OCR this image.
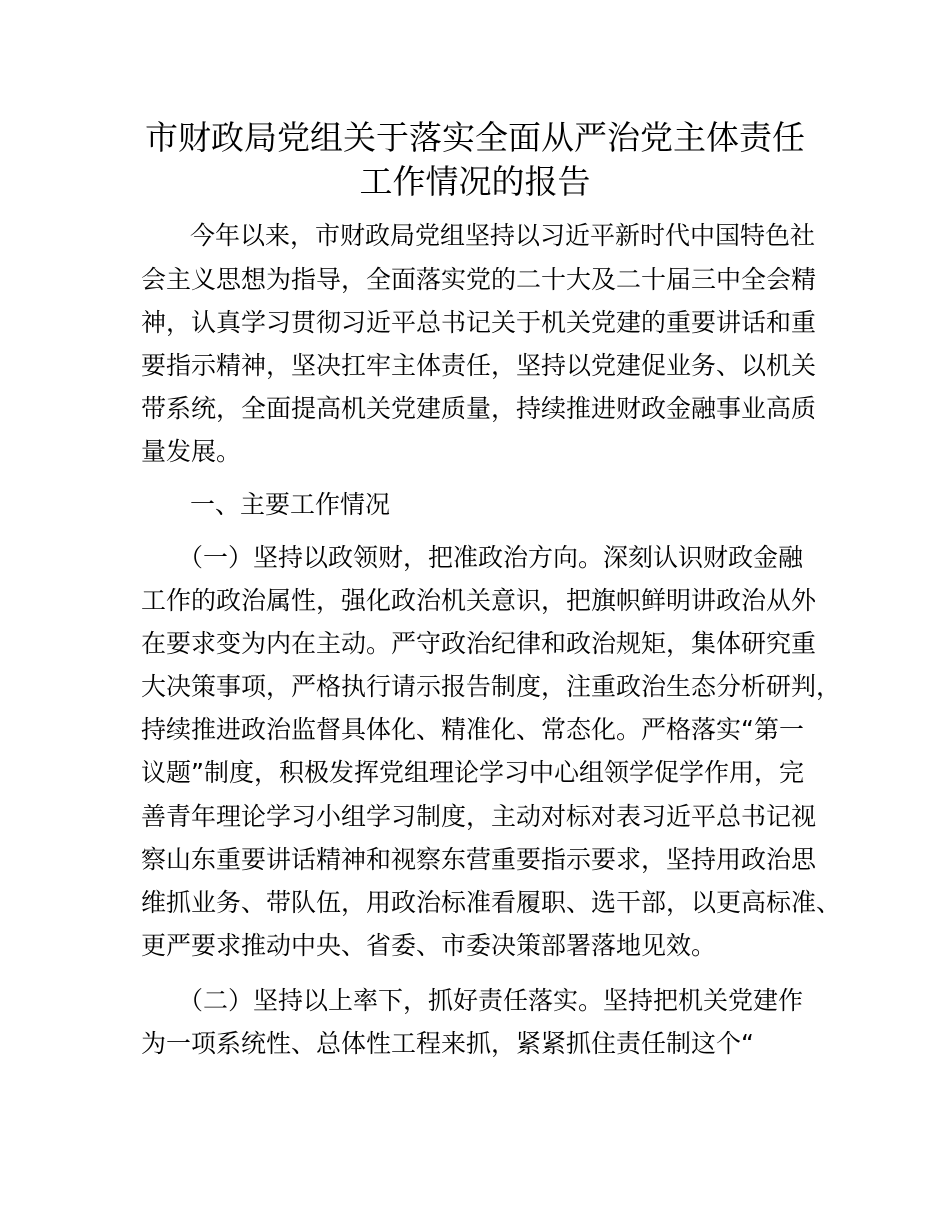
市财政局党组关于落实全面从严治党主体责任
工作情况的报告
今年以来，市财政局党组坚持以习近平新时代中国特色社
会主义思想为指导，全面落实党的二十大及二十届三中全会精
神，认真学习贯彻习近平总书记关于机关党建的重要讲话和重
要指示精神，坚决扛牢主体责任，坚持以党建促业务、以机关
带系统，全面提高机关党建质量，持续推进财政金融事业高质
量发展。
一、主要工作情况
（一）坚持以政领财，把准政治方向。深刻认识财政金融
工作的政治属性，强化政治机关意识，把旗帜鲜明讲政治从外
在要求变为内在主动。严守政治纪律和政治规矩，集体研究重
大决策事项，严格执行请示报告制度，注重政治生态分析研判，
持续推进政治监督具体化、精准化、常态化。严格落实“第一
议题”制度，积极发挥党组理论学习中心组领学促学作用，完
善青年理论学习小组学习制度，主动对标对表习近平总书记视
察山东重要讲话精神和视察东营重要指示要求，坚持用政治思
维抓业务、带队伍，用政治标准看履职、选干部，以更高标准、
更严要求推动中央、省委、市委决策部署落地见效。
（二）坚持以上率下，抓好责任落实。坚持把机关党建作
为一项系统性、总体性工程来抓，紧紧抓住责任制这个“
